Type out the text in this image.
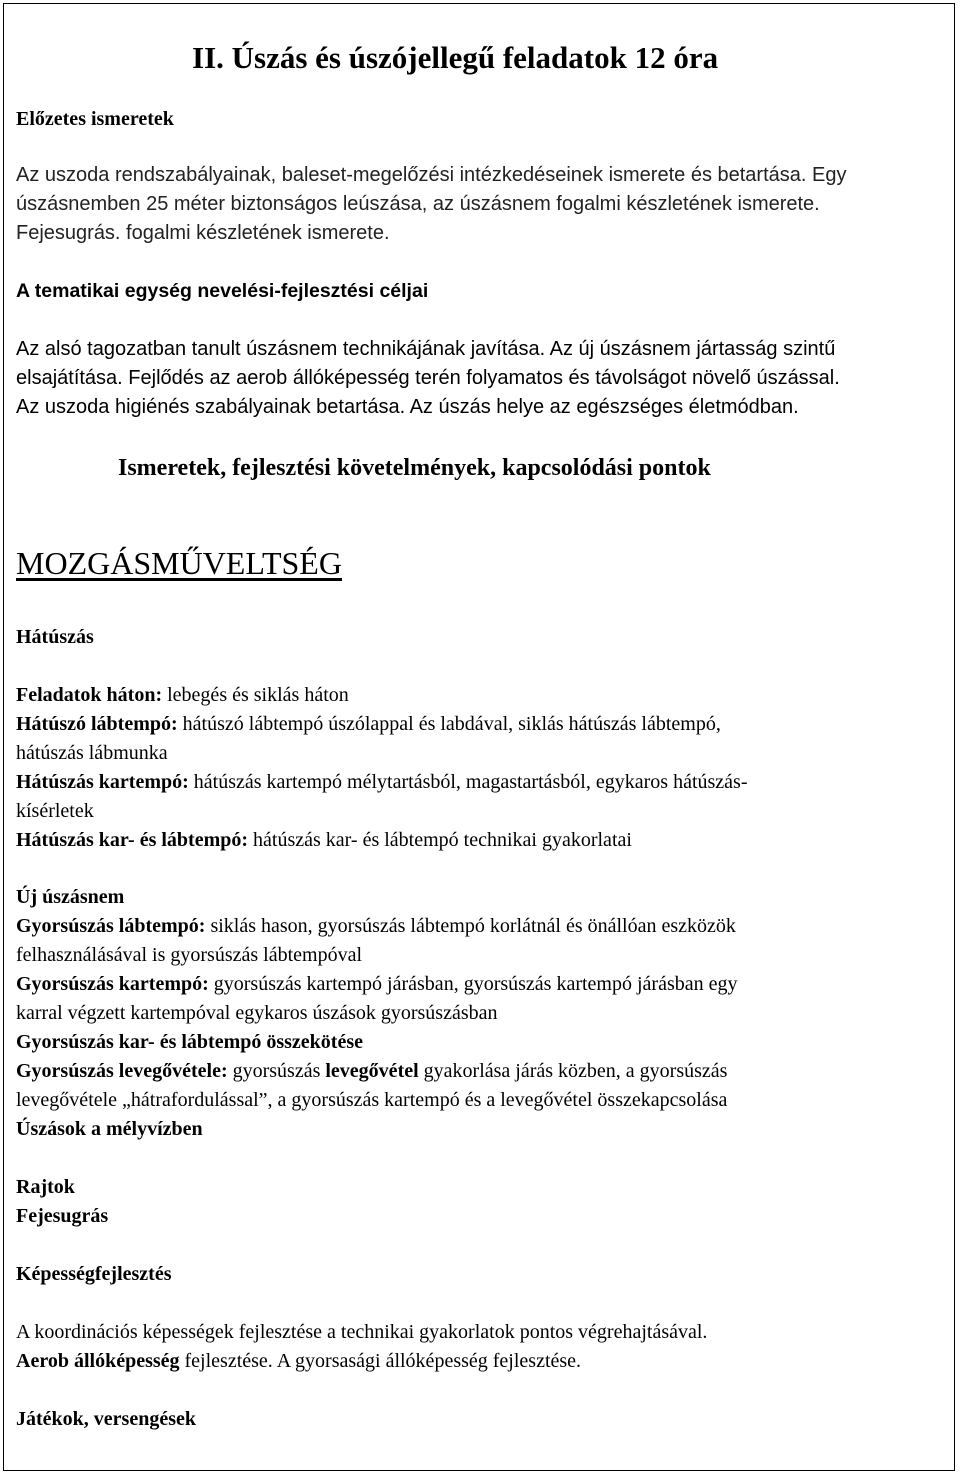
II. Úszás és úszójellegű feladatok 12 óra
Előzetes ismeretek
Az uszoda rendszabályainak, baleset-megelőzési intézkedéseinek ismerete és betartása. Egy
úszásnemben 25 méter biztonságos leúszása, az úszásnem fogalmi készletének ismerete.
Fejesugrás. fogalmi készletének ismerete.
A tematikai egység nevelési-fejlesztési céljai
Az alsó tagozatban tanult úszásnem technikájának javítása. Az új úszásnem jártasság szintű
elsajátítása. Fejlődés az aerob állóképesség terén folyamatos és távolságot növelő úszással.
Az uszoda higiénés szabályainak betartása. Az úszás helye az egészséges életmódban.
Ismeretek, fejlesztési követelmények, kapcsolódási pontok
MOZGÁSMŰVELTSÉG
Hátúszás
Feladatok háton: lebegés és siklás háton
Hátúszó lábtempó: hátúszó lábtempó úszólappal és labdával, siklás hátúszás lábtempó,
hátúszás lábmunka
Hátúszás kartempó: hátúszás kartempó mélytartásból, magastartásból, egykaros hátúszás-
kísérletek
Hátúszás kar- és lábtempó: hátúszás kar- és lábtempó technikai gyakorlatai
Új úszásnem
Gyorsúszás lábtempó: siklás hason, gyorsúszás lábtempó korlátnál és önállóan eszközök
felhasználásával is gyorsúszás lábtempóval
Gyorsúszás kartempó: gyorsúszás kartempó járásban, gyorsúszás kartempó járásban egy
karral végzett kartempóval egykaros úszások gyorsúszásban
Gyorsúszás kar- és lábtempó összekötése
Gyorsúszás levegővétele: gyorsúszás levegővétel gyakorlása járás közben, a gyorsúszás
levegővétele „hátrafordulással”, a gyorsúszás kartempó és a levegővétel összekapcsolása
Úszások a mélyvízben
Rajtok
Fejesugrás
Képességfejlesztés
A koordinációs képességek fejlesztése a technikai gyakorlatok pontos végrehajtásával.
Aerob állóképesség fejlesztése. A gyorsasági állóképesség fejlesztése.
Játékok, versengések
